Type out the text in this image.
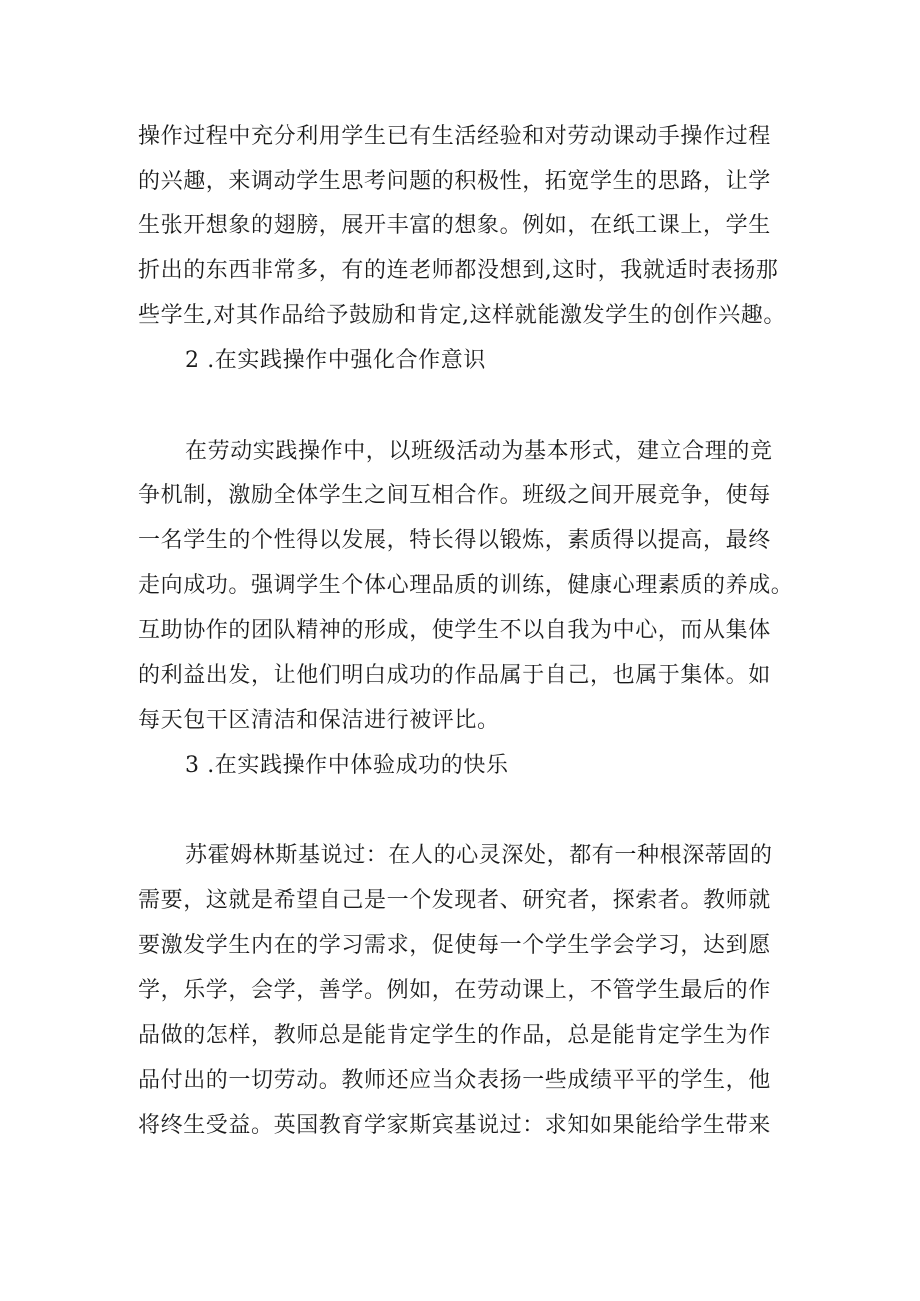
操作过程中充分利用学生已有生活经验和对劳动课动手操作过程
的兴趣，来调动学生思考问题的积极性，拓宽学生的思路，让学
生张开想象的翅膀，展开丰富的想象。例如，在纸工课上，学生
折出的东西非常多，有的连老师都没想到,这时，我就适时表扬那
些学生,对其作品给予鼓励和肯定,这样就能激发学生的创作兴趣。
2 .在实践操作中强化合作意识
在劳动实践操作中，以班级活动为基本形式，建立合理的竞
争机制，激励全体学生之间互相合作。班级之间开展竞争，使每
一名学生的个性得以发展，特长得以锻炼，素质得以提高，最终
走向成功。强调学生个体心理品质的训练，健康心理素质的养成。
互助协作的团队精神的形成，使学生不以自我为中心，而从集体
的利益出发，让他们明白成功的作品属于自己，也属于集体。如
每天包干区清洁和保洁进行被评比。
3 .在实践操作中体验成功的快乐
苏霍姆林斯基说过：在人的心灵深处，都有一种根深蒂固的
需要，这就是希望自己是一个发现者、研究者，探索者。教师就
要激发学生内在的学习需求，促使每一个学生学会学习，达到愿
学，乐学，会学，善学。例如，在劳动课上，不管学生最后的作
品做的怎样，教师总是能肯定学生的作品，总是能肯定学生为作
品付出的一切劳动。教师还应当众表扬一些成绩平平的学生，他
将终生受益。英国教育学家斯宾基说过：求知如果能给学生带来
